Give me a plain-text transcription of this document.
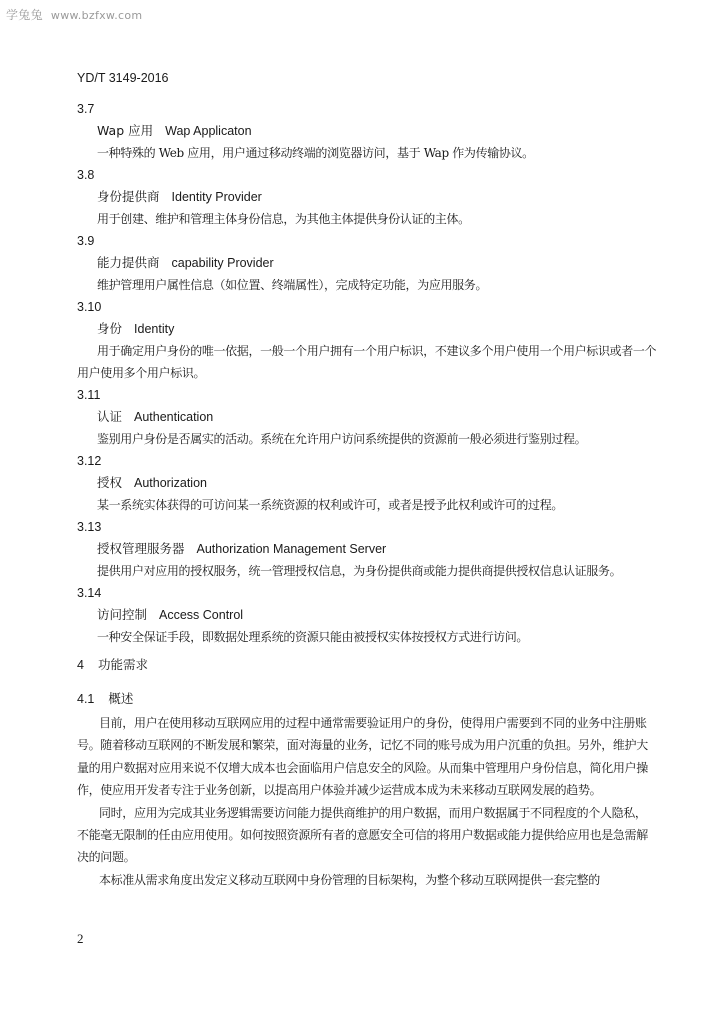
学兔兔 www.bzfxw.com
YD/T 3149-2016
3.7
Wap 应用 Wap Applicaton
一种特殊的 Web 应用，用户通过移动终端的浏览器访问，基于 Wap 作为传输协议。
3.8
身份提供商 Identity Provider
用于创建、维护和管理主体身份信息，为其他主体提供身份认证的主体。
3.9
能力提供商 capability Provider
维护管理用户属性信息（如位置、终端属性），完成特定功能，为应用服务。
3.10
身份 Identity
用于确定用户身份的唯一依据，一般一个用户拥有一个用户标识，不建议多个用户使用一个用户标识或者一个用户使用多个用户标识。
3.11
认证 Authentication
鉴别用户身份是否属实的活动。系统在允许用户访问系统提供的资源前一般必须进行鉴别过程。
3.12
授权 Authorization
某一系统实体获得的可访问某一系统资源的权利或许可，或者是授予此权利或许可的过程。
3.13
授权管理服务器 Authorization Management Server
提供用户对应用的授权服务，统一管理授权信息，为身份提供商或能力提供商提供授权信息认证服务。
3.14
访问控制 Access Control
一种安全保证手段，即数据处理系统的资源只能由被授权实体按授权方式进行访问。
4 功能需求
4.1 概述
目前，用户在使用移动互联网应用的过程中通常需要验证用户的身份，使得用户需要到不同的业务中注册账号。随着移动互联网的不断发展和繁荣，面对海量的业务，记忆不同的账号成为用户沉重的负担。另外，维护大量的用户数据对应用来说不仅增大成本也会面临用户信息安全的风险。从而集中管理用户身份信息，简化用户操作，使应用开发者专注于业务创新，以提高用户体验并减少运营成本成为未来移动互联网发展的趋势。
同时，应用为完成其业务逻辑需要访问能力提供商维护的用户数据，而用户数据属于不同程度的个人隐私，不能毫无限制的任由应用使用。如何按照资源所有者的意愿安全可信的将用户数据或能力提供给应用也是急需解决的问题。
本标准从需求角度出发定义移动互联网中身份管理的目标架构，为整个移动互联网提供一套完整的
2
